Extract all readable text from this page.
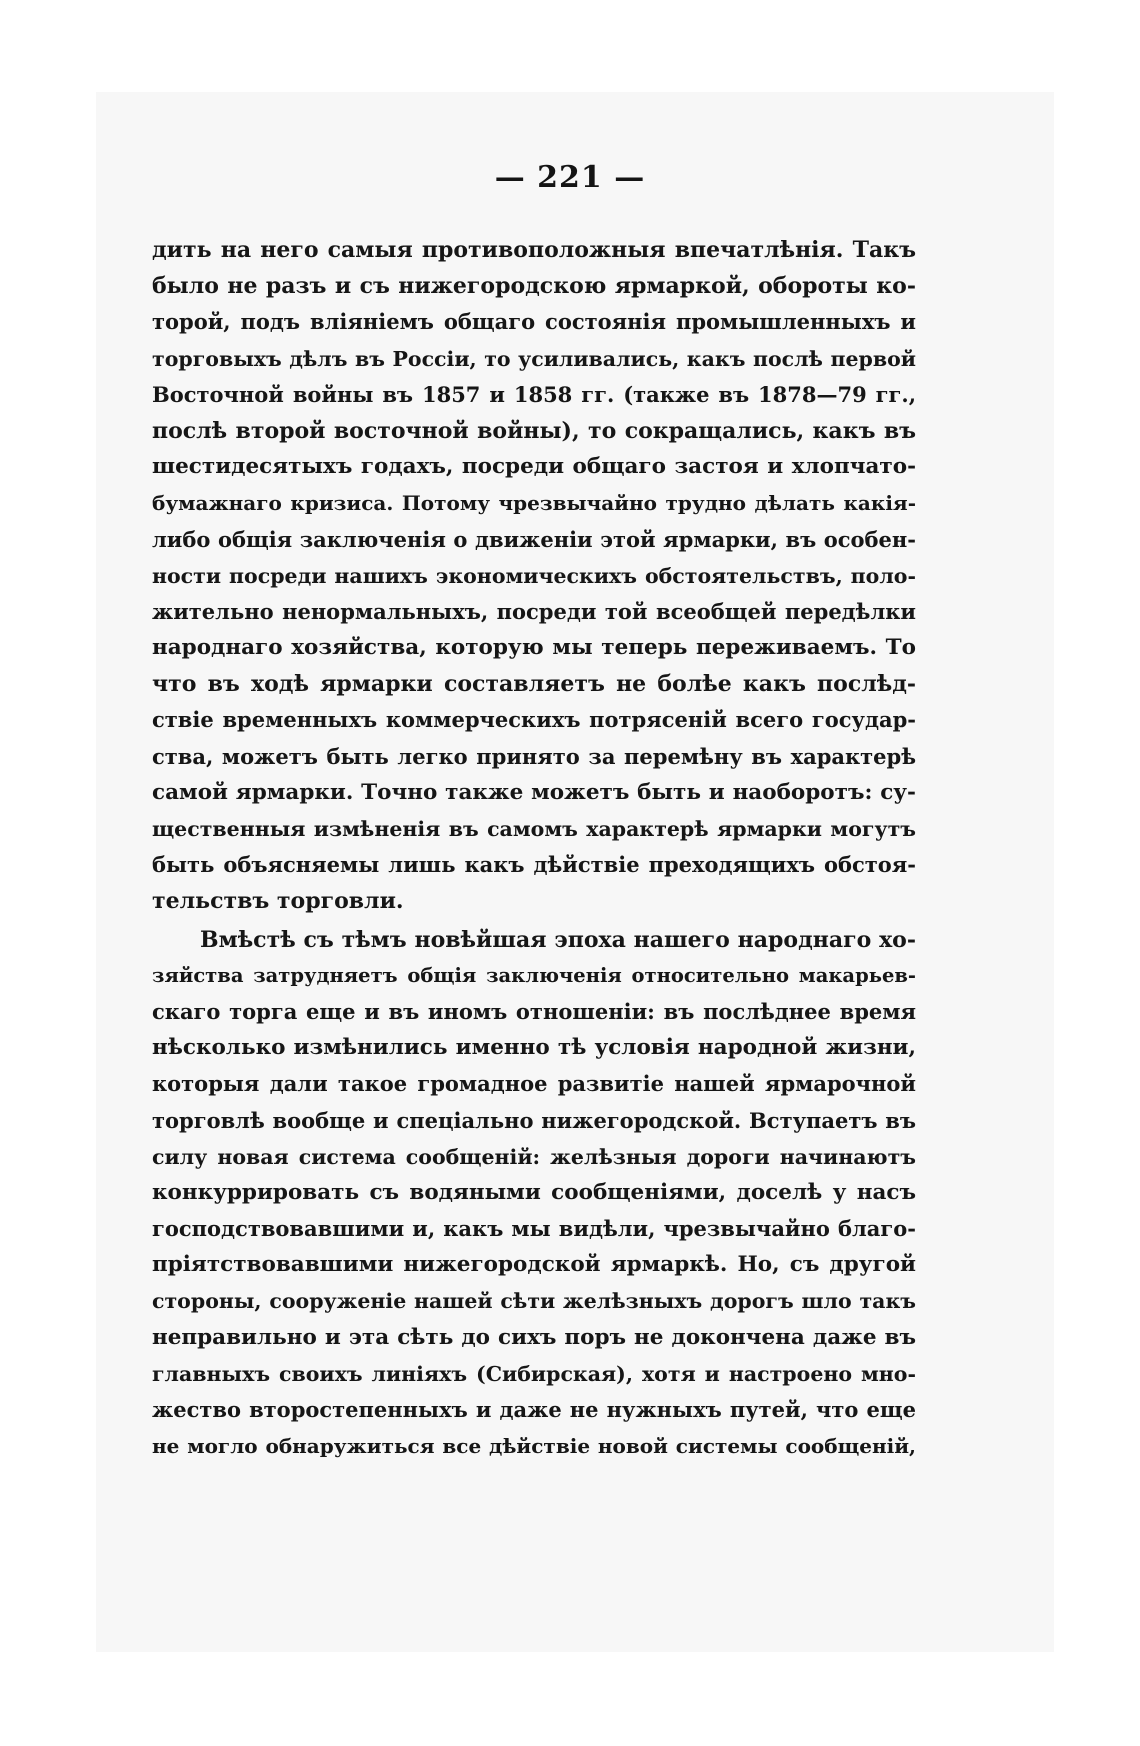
— 221 —
дить на него самыя противоположныя впечатлѣнія. Такъ
было не разъ и съ нижегородскою ярмаркой, обороты ко-
торой, подъ вліяніемъ общаго состоянія промышленныхъ и
торговыхъ дѣлъ въ Россіи, то усиливались, какъ послѣ первой
Восточной войны въ 1857 и 1858 гг. (также въ 1878—79 гг.,
послѣ второй восточной войны), то сокращались, какъ въ
шестидесятыхъ годахъ, посреди общаго застоя и хлопчато-
бумажнаго кризиса. Потому чрезвычайно трудно дѣлать какія-
либо общія заключенія о движеніи этой ярмарки, въ особен-
ности посреди нашихъ экономическихъ обстоятельствъ, поло-
жительно ненормальныхъ, посреди той всеобщей передѣлки
народнаго хозяйства, которую мы теперь переживаемъ. То
что въ ходѣ ярмарки составляетъ не болѣе какъ послѣд-
ствіе временныхъ коммерческихъ потрясеній всего государ-
ства, можетъ быть легко принято за перемѣну въ характерѣ
самой ярмарки. Точно также можетъ быть и наоборотъ: су-
щественныя измѣненія въ самомъ характерѣ ярмарки могутъ
быть объясняемы лишь какъ дѣйствіе преходящихъ обстоя-
тельствъ торговли.
Вмѣстѣ съ тѣмъ новѣйшая эпоха нашего народнаго хо-
зяйства затрудняетъ общія заключенія относительно макарьев-
скаго торга еще и въ иномъ отношеніи: въ послѣднее время
нѣсколько измѣнились именно тѣ условія народной жизни,
которыя дали такое громадное развитіе нашей ярмарочной
торговлѣ вообще и спеціально нижегородской. Вступаетъ въ
силу новая система сообщеній: желѣзныя дороги начинаютъ
конкуррировать съ водяными сообщеніями, доселѣ у насъ
господствовавшими и, какъ мы видѣли, чрезвычайно благо-
пріятствовавшими нижегородской ярмаркѣ. Но, съ другой
стороны, сооруженіе нашей сѣти желѣзныхъ дорогъ шло такъ
неправильно и эта сѣть до сихъ поръ не докончена даже въ
главныхъ своихъ линіяхъ (Сибирская), хотя и настроено мно-
жество второстепенныхъ и даже не нужныхъ путей, что еще
не могло обнаружиться все дѣйствіе новой системы сообщеній,
